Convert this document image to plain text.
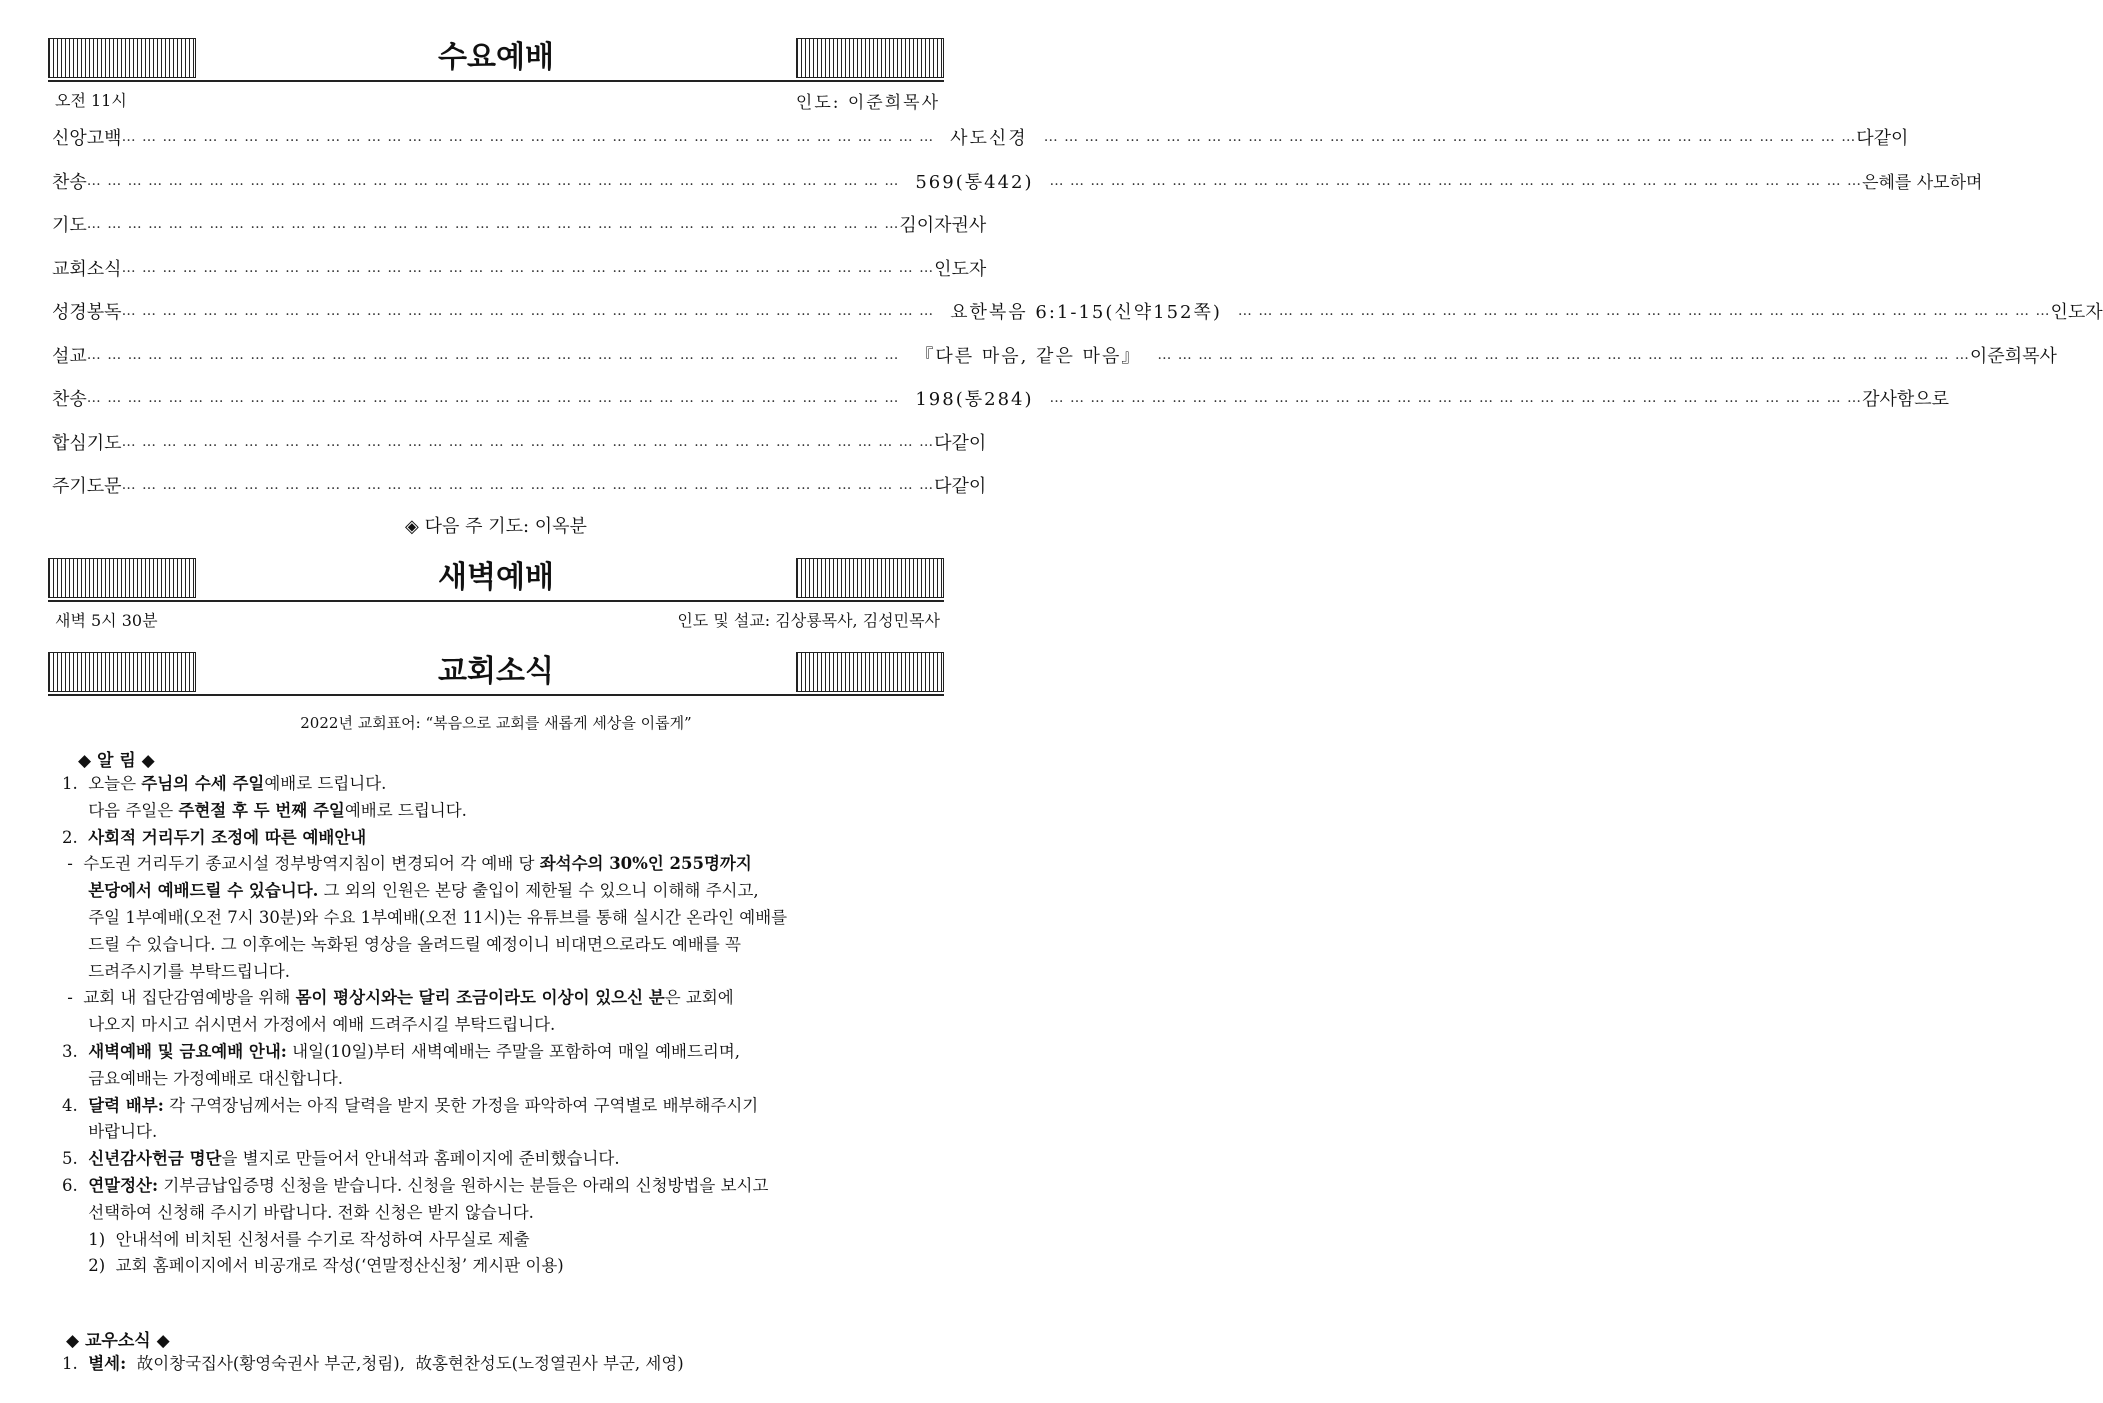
수요예배
오전 11시	인도: 이준희목사
신 앙 고 백 … … … … … … … … … … … … … … … … … … … … … … … … … … … … … … … … … … … … … … … … 사도신경	… … … … … … … … … … … … … … … … … … … … … … … … … … … … … … … … … … … … … … … … 다 같 이
찬 송 … … … … … … … … … … … … … … … … … … … … … … … … … … … … … … … … … … … … … … … … 569(통442)	… … … … … … … … … … … … … … … … … … … … … … … … … … … … … … … … … … … … … … … … 은혜를 사모하며
기 도 … … … … … … … … … … … … … … … … … … … … … … … … … … … … … … … … … … … … … … … … 김 이 자 권 사
교 회 소 식 … … … … … … … … … … … … … … … … … … … … … … … … … … … … … … … … … … … … … … … … 인 도 자
성 경 봉 독 … … … … … … … … … … … … … … … … … … … … … … … … … … … … … … … … … … … … … … … … 요한복음 6:1-15(신약152쪽)	… … … … … … … … … … … … … … … … … … … … … … … … … … … … … … … … … … … … … … … … 인 도 자
설 교 … … … … … … … … … … … … … … … … … … … … … … … … … … … … … … … … … … … … … … … … 『다른 마음, 같은 마음』	… … … … … … … … … … … … … … … … … … … … … … … … … … … … … … … … … … … … … … … … 이 준 희 목 사
찬 송 … … … … … … … … … … … … … … … … … … … … … … … … … … … … … … … … … … … … … … … … 198(통284)	… … … … … … … … … … … … … … … … … … … … … … … … … … … … … … … … … … … … … … … … 감 사 함 으 로
합 심 기 도 … … … … … … … … … … … … … … … … … … … … … … … … … … … … … … … … … … … … … … … … 다 같 이
주 기 도 문 … … … … … … … … … … … … … … … … … … … … … … … … … … … … … … … … … … … … … … … … 다 같 이
◈ 다음 주 기도: 이옥분
새벽예배
새벽 5시 30분	인도 및 설교: 김상룡목사, 김성민목사
교회소식
2022년 교회표어: “복음으로 교회를 새롭게 세상을 이롭게”
◆ 알 림 ◆
1.  오늘은 주님의 수세 주일예배로 드립니다.
다음 주일은 주현절 후 두 번째 주일예배로 드립니다.
2.  사회적 거리두기 조정에 따른 예배안내
-  수도권 거리두기 종교시설 정부방역지침이 변경되어 각 예배 당 좌석수의 30%인 255명까지
본당에서 예배드릴 수 있습니다. 그 외의 인원은 본당 출입이 제한될 수 있으니 이해해 주시고,
주일 1부예배(오전 7시 30분)와 수요 1부예배(오전 11시)는 유튜브를 통해 실시간 온라인 예배를
드릴 수 있습니다. 그 이후에는 녹화된 영상을 올려드릴 예정이니 비대면으로라도 예배를 꼭
드려주시기를 부탁드립니다.
-  교회 내 집단감염예방을 위해 몸이 평상시와는 달리 조금이라도 이상이 있으신 분은 교회에
나오지 마시고 쉬시면서 가정에서 예배 드려주시길 부탁드립니다.
3.  새벽예배 및 금요예배 안내: 내일(10일)부터 새벽예배는 주말을 포함하여 매일 예배드리며,
금요예배는 가정예배로 대신합니다.
4.  달력 배부: 각 구역장님께서는 아직 달력을 받지 못한 가정을 파악하여 구역별로 배부해주시기
바랍니다.
5.  신년감사헌금 명단을 별지로 만들어서 안내석과 홈페이지에 준비했습니다.
6.  연말정산: 기부금납입증명 신청을 받습니다. 신청을 원하시는 분들은 아래의 신청방법을 보시고
선택하여 신청해 주시기 바랍니다. 전화 신청은 받지 않습니다.
1)  안내석에 비치된 신청서를 수기로 작성하여 사무실로 제출
2)  교회 홈페이지에서 비공개로 작성(‘연말정산신청’ 게시판 이용)
◆ 교우소식 ◆
1.  별세:  故이창국집사(황영숙권사 부군,청림),  故홍현찬성도(노정열권사 부군, 세영)
